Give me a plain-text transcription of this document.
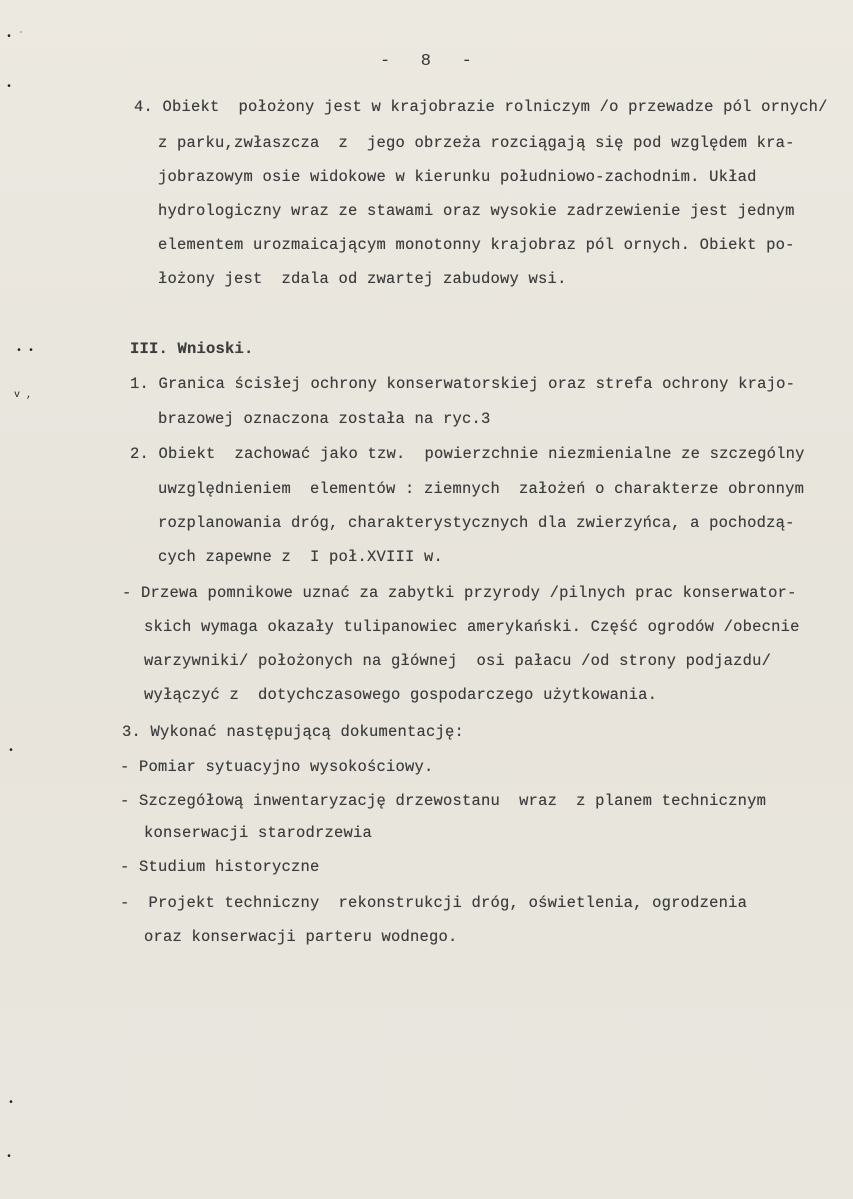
-   8   -
• ˙
•
• •
v ,
•
•
•
4. Obiekt  położony jest w krajobrazie rolniczym /o przewadze pól ornych/
z parku,zwłaszcza  z  jego obrzeża rozciągają się pod względem kra-
jobrazowym osie widokowe w kierunku południowo-zachodnim. Układ
hydrologiczny wraz ze stawami oraz wysokie zadrzewienie jest jednym
elementem urozmaicającym monotonny krajobraz pól ornych. Obiekt po-
łożony jest  zdala od zwartej zabudowy wsi.
III. Wnioski.
1. Granica ścisłej ochrony konserwatorskiej oraz strefa ochrony krajo-
brazowej oznaczona została na ryc.3
2. Obiekt  zachować jako tzw.  powierzchnie niezmienialne ze szczególny
uwzględnieniem  elementów : ziemnych  założeń o charakterze obronnym
rozplanowania dróg, charakterystycznych dla zwierzyńca, a pochodzą-
cych zapewne z  I poł.XVIII w.
- Drzewa pomnikowe uznać za zabytki przyrody /pilnych prac konserwator-
skich wymaga okazały tulipanowiec amerykański. Część ogrodów /obecnie
warzywniki/ położonych na głównej  osi pałacu /od strony podjazdu/
wyłączyć z  dotychczasowego gospodarczego użytkowania.
3. Wykonać następującą dokumentację:
- Pomiar sytuacyjno wysokościowy.
- Szczegółową inwentaryzację drzewostanu  wraz  z planem technicznym
konserwacji starodrzewia
- Studium historyczne
-  Projekt techniczny  rekonstrukcji dróg, oświetlenia, ogrodzenia
oraz konserwacji parteru wodnego.
